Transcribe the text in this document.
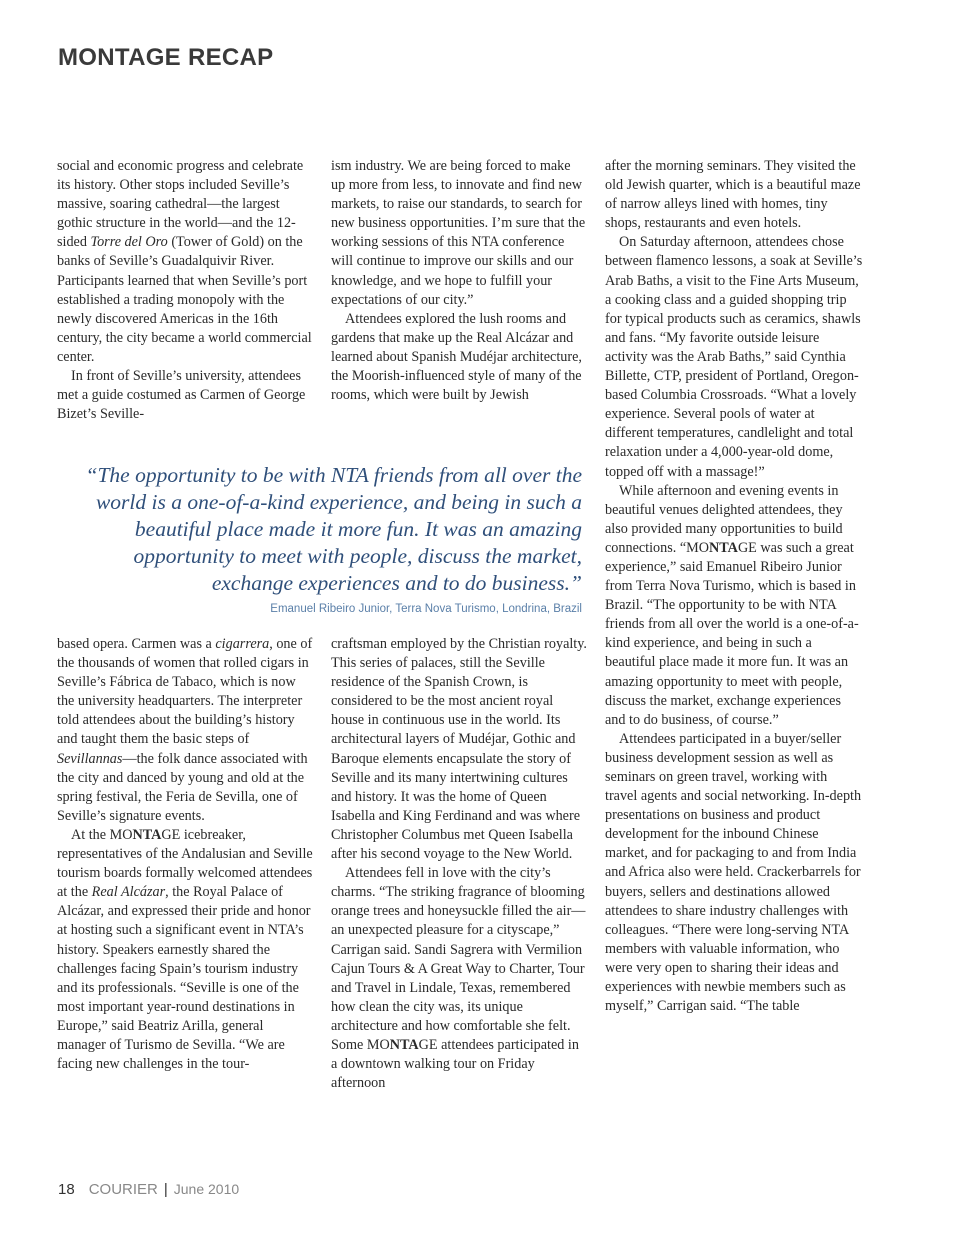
MONTAGE RECAP

social and economic progress and celebrate its history. Other stops included Seville’s massive, soaring cathedral—the largest gothic structure in the world—and the 12-sided Torre del Oro (Tower of Gold) on the banks of Seville’s Guadalquivir River. Participants learned that when Seville’s port established a trading monopoly with the newly discovered Americas in the 16th century, the city became a world commercial center.

In front of Seville’s university, attendees met a guide costumed as Carmen of George Bizet’s Seville-

ism industry. We are being forced to make up more from less, to innovate and find new markets, to raise our standards, to search for new business opportunities. I’m sure that the working sessions of this NTA conference will continue to improve our skills and our knowledge, and we hope to fulfill your expectations of our city.”

Attendees explored the lush rooms and gardens that make up the Real Alcázar and learned about Spanish Mudéjar architecture, the Moorish-influenced style of many of the rooms, which were built by Jewish

“The opportunity to be with NTA friends from all over the world is a one-of-a-kind experience, and being in such a beautiful place made it more fun. It was an amazing opportunity to meet with people, discuss the market, exchange experiences and to do business.”
Emanuel Ribeiro Junior, Terra Nova Turismo, Londrina, Brazil

based opera. Carmen was a cigarrera, one of the thousands of women that rolled cigars in Seville’s Fábrica de Tabaco, which is now the university headquarters. The interpreter told attendees about the building’s history and taught them the basic steps of Sevillannas—the folk dance associated with the city and danced by young and old at the spring festival, the Feria de Sevilla, one of Seville’s signature events.

At the MONTAGE icebreaker, representatives of the Andalusian and Seville tourism boards formally welcomed attendees at the Real Alcázar, the Royal Palace of Alcázar, and expressed their pride and honor at hosting such a significant event in NTA’s history. Speakers earnestly shared the challenges facing Spain’s tourism industry and its professionals. “Seville is one of the most important year-round destinations in Europe,” said Beatriz Arilla, general manager of Turismo de Sevilla. “We are facing new challenges in the tour-

craftsman employed by the Christian royalty. This series of palaces, still the Seville residence of the Spanish Crown, is considered to be the most ancient royal house in continuous use in the world. Its architectural layers of Mudéjar, Gothic and Baroque elements encapsulate the story of Seville and its many intertwining cultures and history. It was the home of Queen Isabella and King Ferdinand and was where Christopher Columbus met Queen Isabella after his second voyage to the New World.

Attendees fell in love with the city’s charms. “The striking fragrance of blooming orange trees and honeysuckle filled the air—an unexpected pleasure for a cityscape,” Carrigan said. Sandi Sagrera with Vermilion Cajun Tours & A Great Way to Charter, Tour and Travel in Lindale, Texas, remembered how clean the city was, its unique architecture and how comfortable she felt. Some MONTAGE attendees participated in a downtown walking tour on Friday afternoon

after the morning seminars. They visited the old Jewish quarter, which is a beautiful maze of narrow alleys lined with homes, tiny shops, restaurants and even hotels.

On Saturday afternoon, attendees chose between flamenco lessons, a soak at Seville’s Arab Baths, a visit to the Fine Arts Museum, a cooking class and a guided shopping trip for typical products such as ceramics, shawls and fans. “My favorite outside leisure activity was the Arab Baths,” said Cynthia Billette, CTP, president of Portland, Oregon-based Columbia Crossroads. “What a lovely experience. Several pools of water at different temperatures, candlelight and total relaxation under a 4,000-year-old dome, topped off with a massage!”

While afternoon and evening events in beautiful venues delighted attendees, they also provided many opportunities to build connections. “MONTAGE was such a great experience,” said Emanuel Ribeiro Junior from Terra Nova Turismo, which is based in Brazil. “The opportunity to be with NTA friends from all over the world is a one-of-a-kind experience, and being in such a beautiful place made it more fun. It was an amazing opportunity to meet with people, discuss the market, exchange experiences and to do business, of course.”

Attendees participated in a buyer/seller business development session as well as seminars on green travel, working with travel agents and social networking. In-depth presentations on business and product development for the inbound Chinese market, and for packaging to and from India and Africa also were held. Crackerbarrels for buyers, sellers and destinations allowed attendees to share industry challenges with colleagues. “There were long-serving NTA members with valuable information, who were very open to sharing their ideas and experiences with newbie members such as myself,” Carrigan said. “The table

18 COURIER | June 2010
